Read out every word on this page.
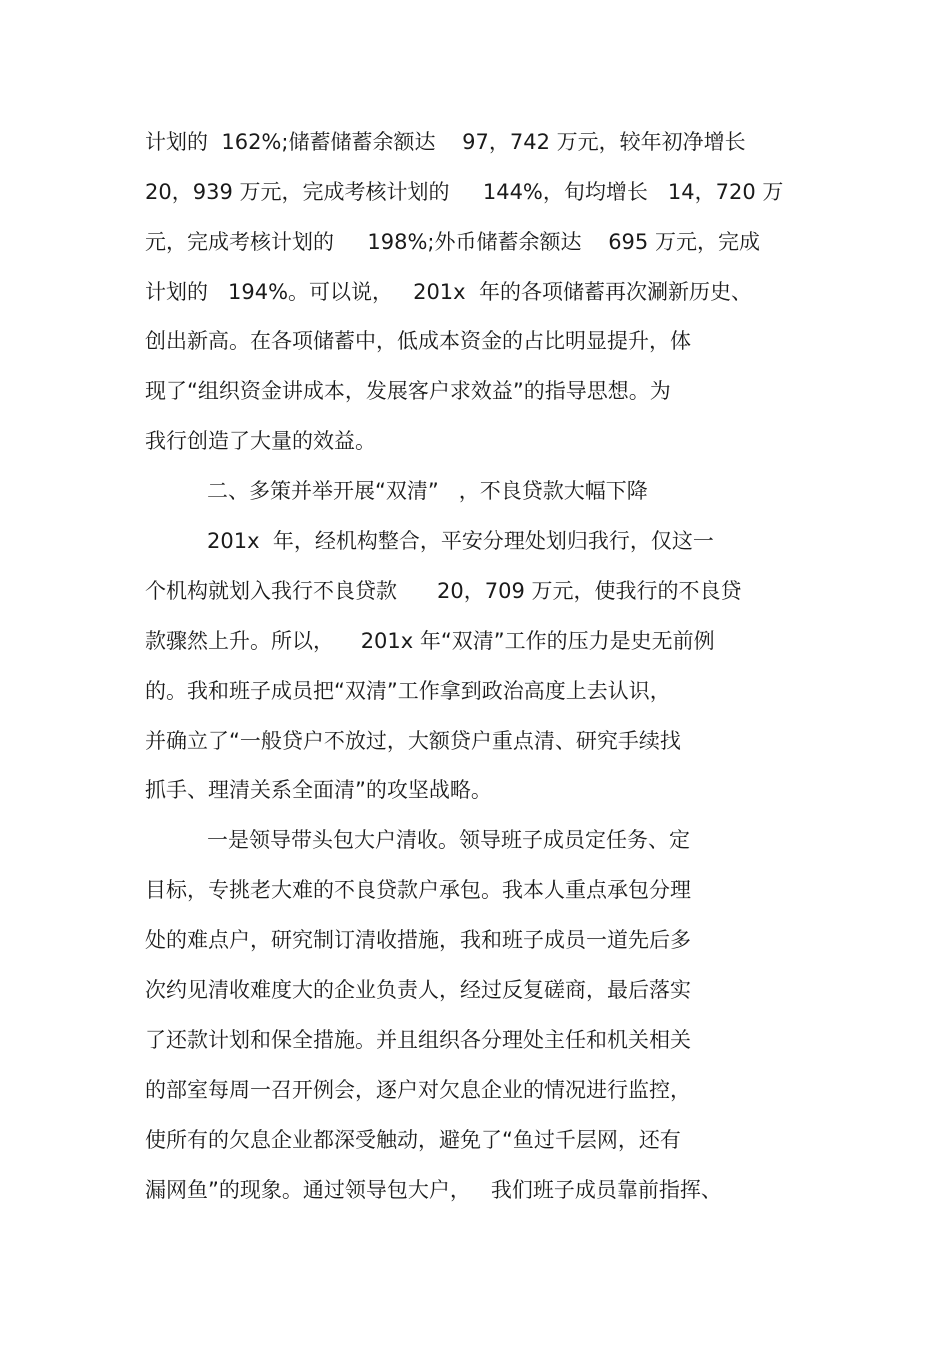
计划的  162%;储蓄储蓄余额达    97，742 万元，较年初净增长
20，939 万元，完成考核计划的     144%，旬均增长   14，720 万
元，完成考核计划的     198%;外币储蓄余额达    695 万元，完成
计划的   194%。可以说，   201x  年的各项储蓄再次涮新历史、
创出新高。在各项储蓄中，低成本资金的占比明显提升，体
现了“组织资金讲成本，发展客户求效益”的指导思想。为
我行创造了大量的效益。
二、多策并举开展“双清”   ，不良贷款大幅下降
201x  年，经机构整合，平安分理处划归我行，仅这一
个机构就划入我行不良贷款      20，709 万元，使我行的不良贷
款骤然上升。所以，    201x 年“双清”工作的压力是史无前例
的。我和班子成员把“双清”工作拿到政治高度上去认识，
并确立了“一般贷户不放过，大额贷户重点清、研究手续找
抓手、理清关系全面清”的攻坚战略。
一是领导带头包大户清收。领导班子成员定任务、定
目标，专挑老大难的不良贷款户承包。我本人重点承包分理
处的难点户，研究制订清收措施，我和班子成员一道先后多
次约见清收难度大的企业负责人，经过反复磋商，最后落实
了还款计划和保全措施。并且组织各分理处主任和机关相关
的部室每周一召开例会，逐户对欠息企业的情况进行监控，
使所有的欠息企业都深受触动，避免了“鱼过千层网，还有
漏网鱼”的现象。通过领导包大户，   我们班子成员靠前指挥、
